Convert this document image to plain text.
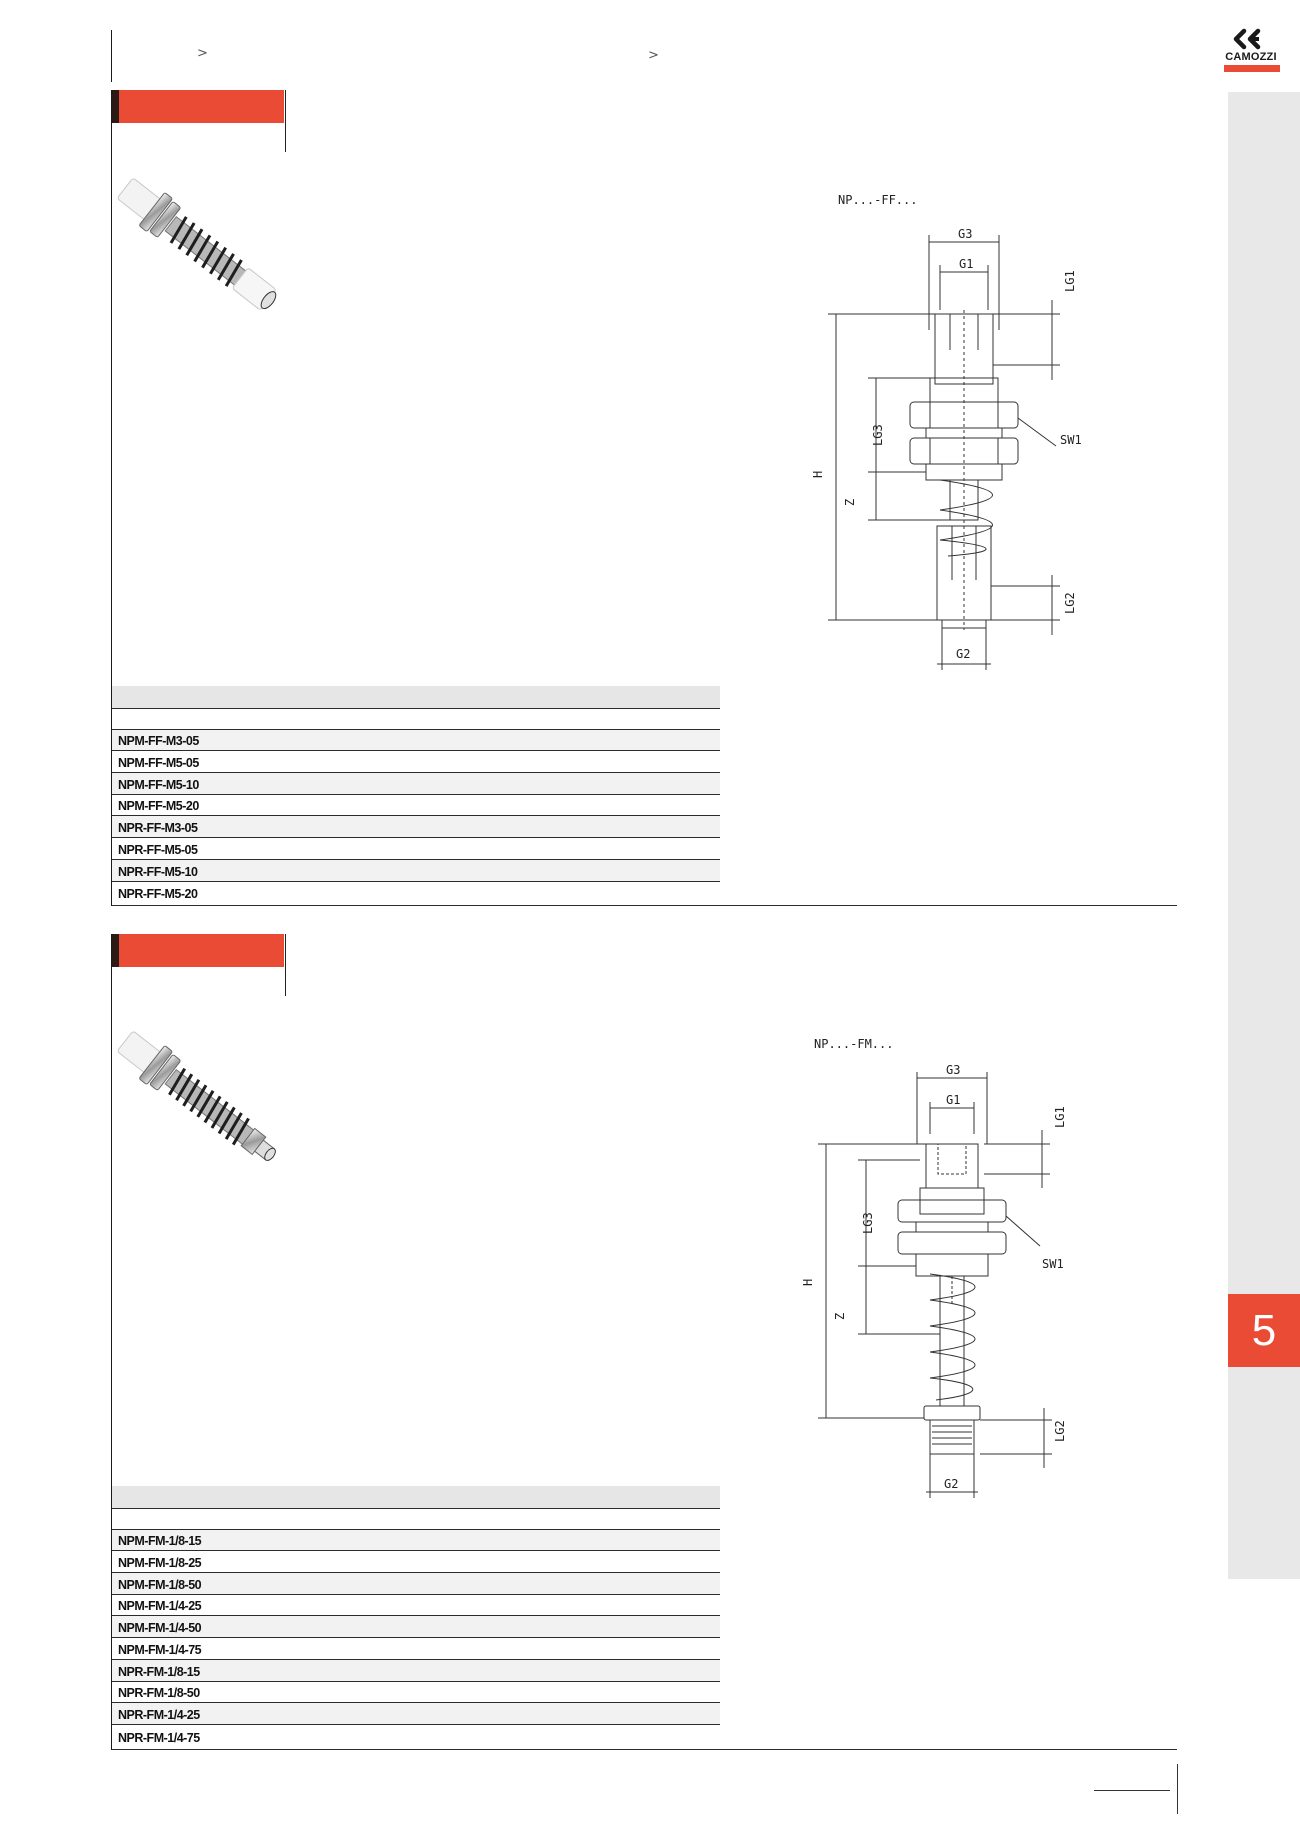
>	>	CAMOZZI
5
NP...-FF...
G3
G1
LG1
SW1
LG3
H
Z
LG2
G2
NPM-FF-M3-05
NPM-FF-M5-05
NPM-FF-M5-10
NPM-FF-M5-20
NPR-FF-M3-05
NPR-FF-M5-05
NPR-FF-M5-10
NPR-FF-M5-20
NP...-FM...
G3
G1
LG1
SW1
LG3
H
Z
LG2
G2
NPM-FM-1/8-15
NPM-FM-1/8-25
NPM-FM-1/8-50
NPM-FM-1/4-25
NPM-FM-1/4-50
NPM-FM-1/4-75
NPR-FM-1/8-15
NPR-FM-1/8-50
NPR-FM-1/4-25
NPR-FM-1/4-75
